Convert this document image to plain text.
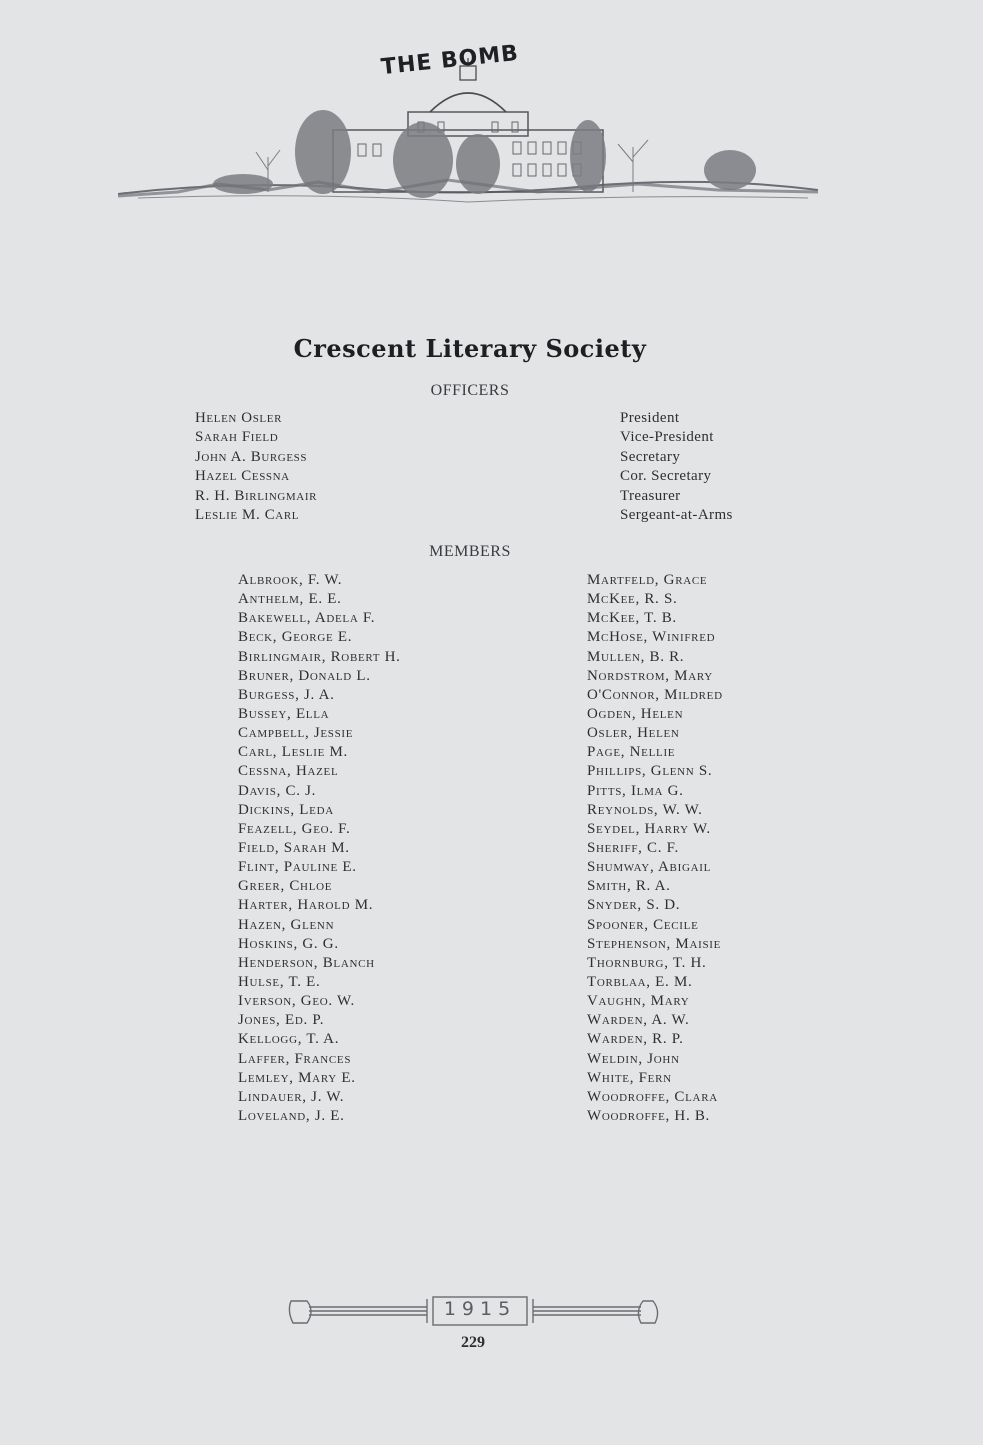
THE BOMB
Crescent Literary Society
OFFICERS
Helen Osler
Sarah Field
John A. Burgess
Hazel Cessna
R. H. Birlingmair
Leslie M. Carl
President
Vice-President
Secretary
Cor. Secretary
Treasurer
Sergeant-at-Arms
MEMBERS
Albrook, F. W.
Anthelm, E. E.
Bakewell, Adela F.
Beck, George E.
Birlingmair, Robert H.
Bruner, Donald L.
Burgess, J. A.
Bussey, Ella
Campbell, Jessie
Carl, Leslie M.
Cessna, Hazel
Davis, C. J.
Dickins, Leda
Feazell, Geo. F.
Field, Sarah M.
Flint, Pauline E.
Greer, Chloe
Harter, Harold M.
Hazen, Glenn
Hoskins, G. G.
Henderson, Blanch
Hulse, T. E.
Iverson, Geo. W.
Jones, Ed. P.
Kellogg, T. A.
Laffer, Frances
Lemley, Mary E.
Lindauer, J. W.
Loveland, J. E.
Martfeld, Grace
McKee, R. S.
McKee, T. B.
McHose, Winifred
Mullen, B. R.
Nordstrom, Mary
O'Connor, Mildred
Ogden, Helen
Osler, Helen
Page, Nellie
Phillips, Glenn S.
Pitts, Ilma G.
Reynolds, W. W.
Seydel, Harry W.
Sheriff, C. F.
Shumway, Abigail
Smith, R. A.
Snyder, S. D.
Spooner, Cecile
Stephenson, Maisie
Thornburg, T. H.
Torblaa, E. M.
Vaughn, Mary
Warden, A. W.
Warden, R. P.
Weldin, John
White, Fern
Woodroffe, Clara
Woodroffe, H. B.
1915
229
